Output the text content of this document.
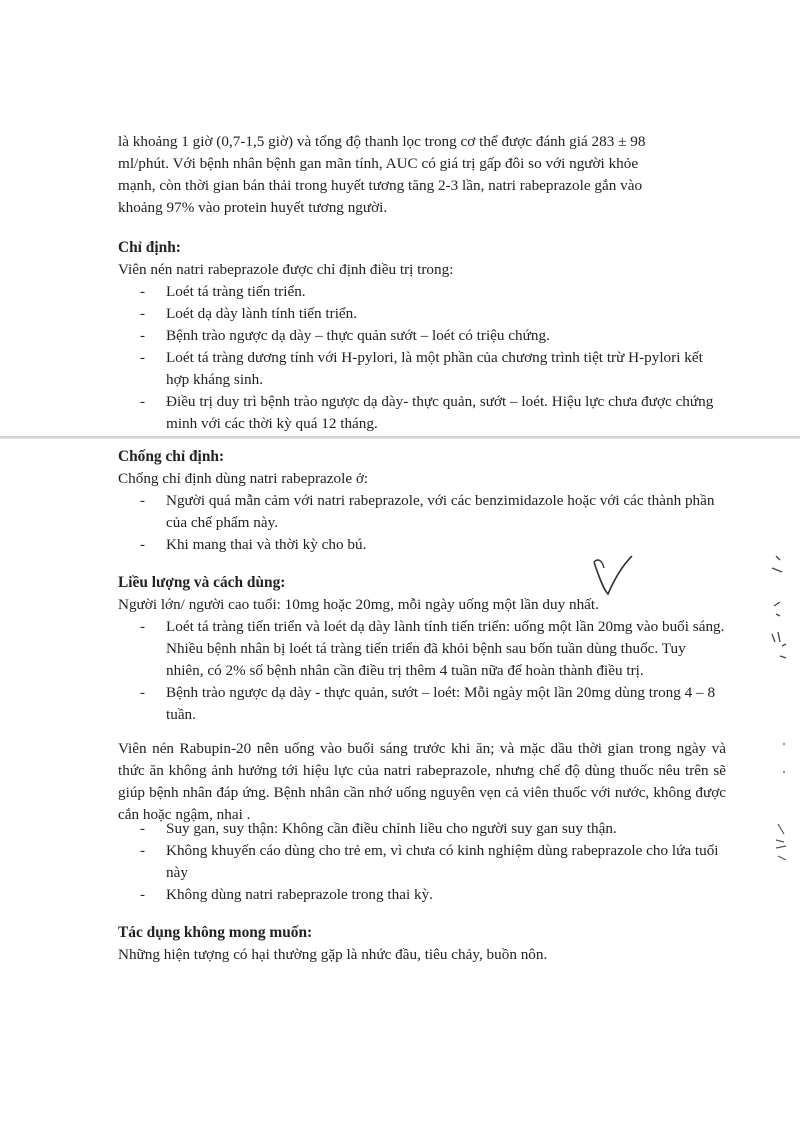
là khoảng 1 giờ (0,7-1,5 giờ) và tổng độ thanh lọc trong cơ thể được đánh giá 283 ± 98
ml/phút. Với bệnh nhân bệnh gan mãn tính, AUC có giá trị gấp đôi so với người khỏe
mạnh, còn thời gian bán thải trong huyết tương tăng 2-3 lần, natri rabeprazole gắn vào
khoảng 97% vào protein huyết tương người.
Chỉ định:
Viên nén natri rabeprazole được chỉ định điều trị trong:
- Loét tá tràng tiến triển.
- Loét dạ dày lành tính tiến triển.
- Bệnh trào ngược dạ dày – thực quản sướt – loét có triệu chứng.
- Loét tá tràng dương tính với H-pylori, là một phần của chương trình tiệt trừ H-pylori kết hợp kháng sinh.
- Điều trị duy trì bệnh trào ngược dạ dày- thực quản, sướt – loét. Hiệu lực chưa được chứng minh với các thời kỳ quá 12 tháng.
Chống chỉ định:
Chống chỉ định dùng natri rabeprazole ở:
- Người quá mẫn cảm với natri rabeprazole, với các benzimidazole hoặc với các thành phần của chế phẩm này.
- Khi mang thai và thời kỳ cho bú.
Liều lượng và cách dùng:
Người lớn/ người cao tuổi: 10mg hoặc 20mg, mỗi ngày uống một lần duy nhất.
- Loét tá tràng tiến triển và loét dạ dày lành tính tiến triển: uống một lần 20mg vào buổi sáng. Nhiều bệnh nhân bị loét tá tràng tiến triển đã khỏi bệnh sau bốn tuần dùng thuốc. Tuy nhiên, có 2% số bệnh nhân cần điều trị thêm 4 tuần nữa để hoàn thành điều trị.
- Bệnh trào ngược dạ dày - thực quản, sướt – loét: Mỗi ngày một lần 20mg dùng trong 4 – 8 tuần.
Viên nén Rabupin-20 nên uống vào buổi sáng trước khi ăn; và mặc dầu thời gian trong ngày và thức ăn không ảnh hưởng tới hiệu lực của natri rabeprazole, nhưng chế độ dùng thuốc nêu trên sẽ giúp bệnh nhân đáp ứng. Bệnh nhân cần nhớ uống nguyên vẹn cả viên thuốc với nước, không được cắn hoặc ngậm, nhai .
- Suy gan, suy thận: Không cần điều chỉnh liều cho người suy gan suy thận.
- Không khuyến cáo dùng cho trẻ em, vì chưa có kinh nghiệm dùng rabeprazole cho lứa tuổi này
- Không dùng natri rabeprazole trong thai kỳ.
Tác dụng không mong muốn:
Những hiện tượng có hại thường gặp là nhức đầu, tiêu chảy, buồn nôn.
